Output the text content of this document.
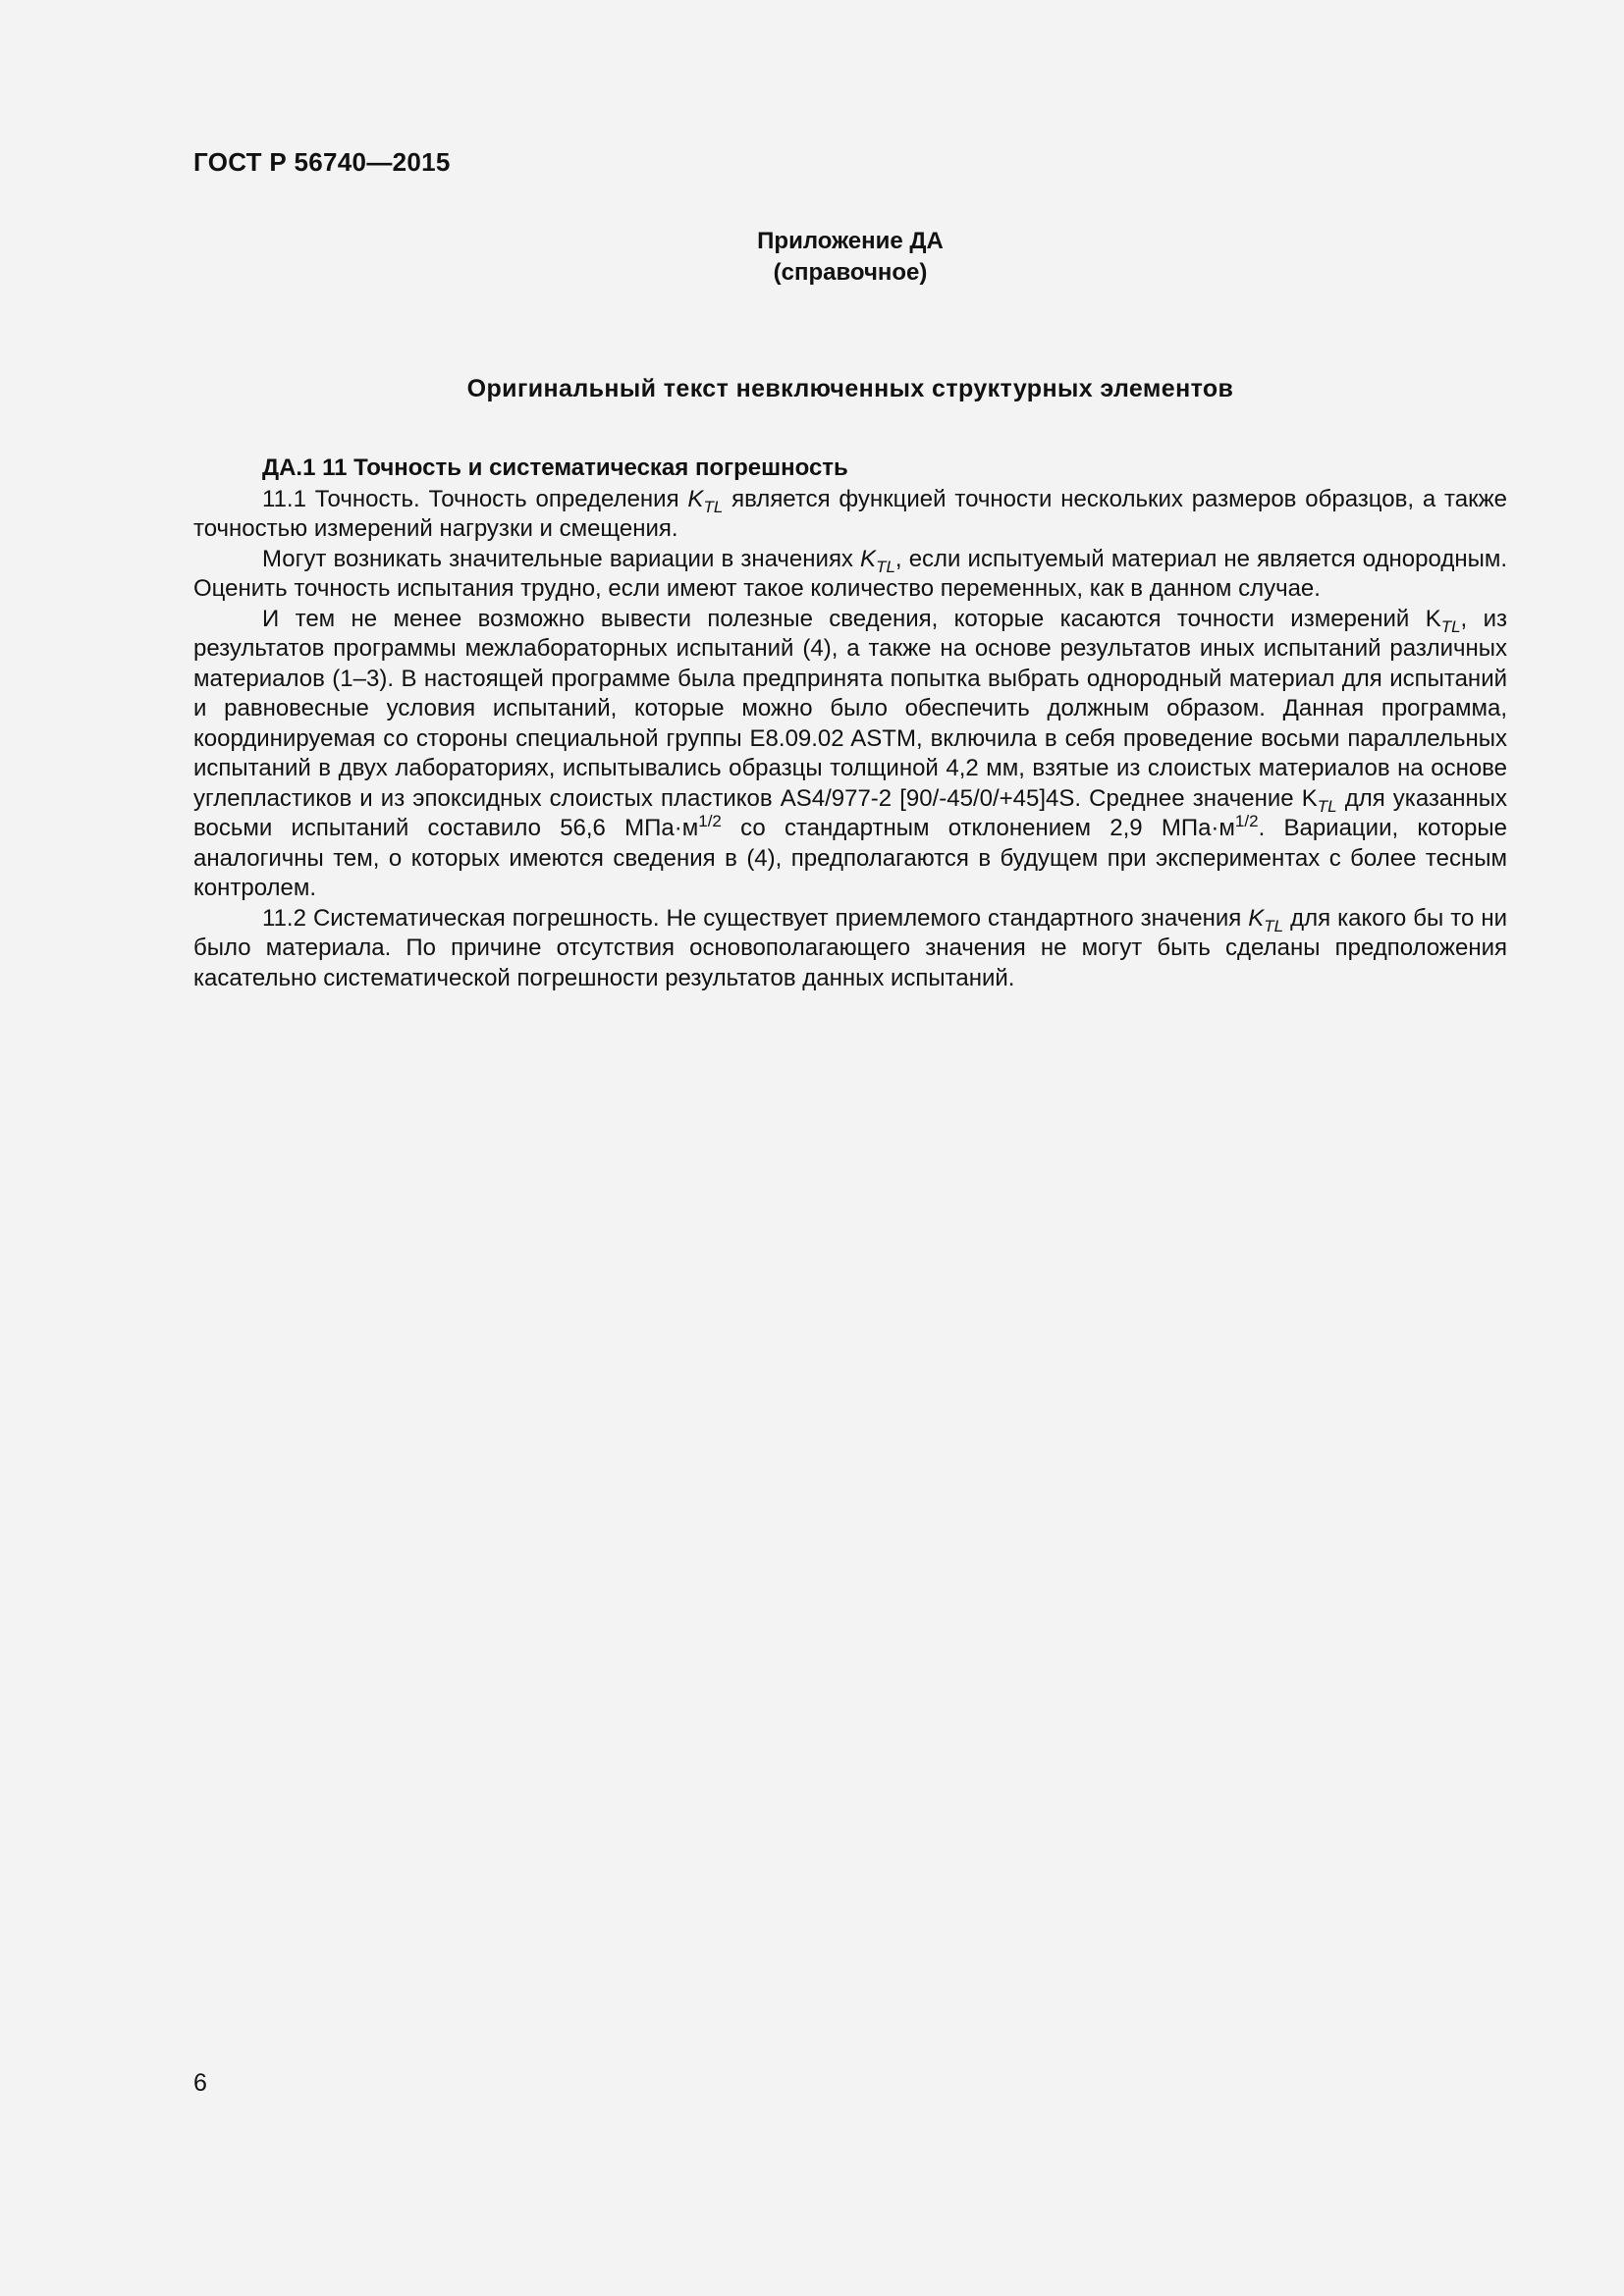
ГОСТ Р 56740—2015
Приложение ДА
(справочное)
Оригинальный текст невключенных структурных элементов
ДА.1 11 Точность и систематическая погрешность

11.1 Точность. Точность определения $K_{TL}$ является функцией точности нескольких размеров образцов, а также точностью измерений нагрузки и смещения.

Могут возникать значительные вариации в значениях $K_{TL}$, если испытуемый материал не является однородным. Оценить точность испытания трудно, если имеют такое количество переменных, как в данном случае.

И тем не менее возможно вывести полезные сведения, которые касаются точности измерений $K_{TL}$, из результатов программы межлабораторных испытаний (4), а также на основе результатов иных испытаний различных материалов (1–3). В настоящей программе была предпринята попытка выбрать однородный материал для испытаний и равновесные условия испытаний, которые можно было обеспечить должным образом. Данная программа, координируемая со стороны специальной группы E8.09.02 ASTM, включила в себя проведение восьми параллельных испытаний в двух лабораториях, испытывались образцы толщиной 4,2 мм, взятые из слоистых материалов на основе углепластиков и из эпоксидных слоистых пластиков AS4/977-2 [90/-45/0/+45]4S. Среднее значение $K_{TL}$ для указанных восьми испытаний составило 56,6 $МПа\cdot м^{1/2}$ со стандартным отклонением 2,9 $МПа\cdot м^{1/2}$. Вариации, которые аналогичны тем, о которых имеются сведения в (4), предполагаются в будущем при экспериментах с более тесным контролем.

11.2 Систематическая погрешность. Не существует приемлемого стандартного значения $K_{TL}$ для какого бы то ни было материала. По причине отсутствия основополагающего значения не могут быть сделаны предположения касательно систематической погрешности результатов данных испытаний.

6
